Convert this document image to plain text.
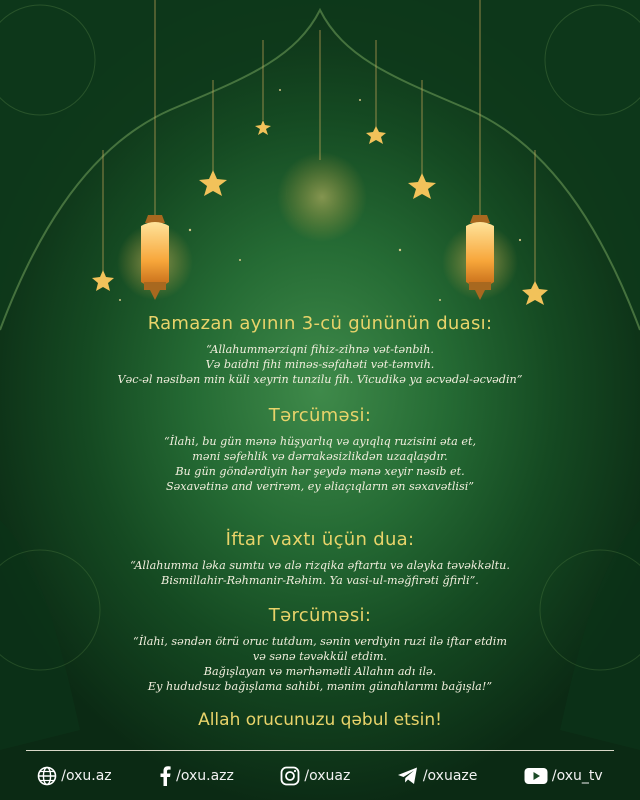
Ramazan ayının 3-cü gününün duası:

“Allahummərziqni fihiz-zihnə vət-tənbih.

Və baidni fihi minəs-səfahəti vət-təmvih.

Vəc-əl nəsibən min küli xeyrin tunzilu fih. Vicudikə ya əcvədəl-əcvədin”

Tərcüməsi:

“İlahi, bu gün mənə hüşyarlıq və ayıqlıq ruzisini əta et,

məni səfehlik və dərrakəsizlikdən uzaqlaşdır.

Bu gün göndərdiyin hər şeydə mənə xeyir nəsib et.

Səxavətinə and verirəm, ey əliaçıqların ən səxavətlisi”

İftar vaxtı üçün dua:

“Allahumma ləka sumtu və alə rizqika əftartu və aləyka təvəkkəltu.

Bismillahir-Rəhmanir-Rəhim. Ya vasi-ul-məğfirəti ğfirli”.

Tərcüməsi:

“İlahi, səndən ötrü oruc tutdum, sənin verdiyin ruzi ilə iftar etdim

və sənə təvəkkül etdim.

Bağışlayan və mərhəmətli Allahın adı ilə.

Ey hududsuz bağışlama sahibi, mənim günahlarımı bağışla!”

Allah orucunuzu qəbul etsin!

/oxu.az	/oxu.azz	/oxuaz	/oxuaze	/oxu_tv
